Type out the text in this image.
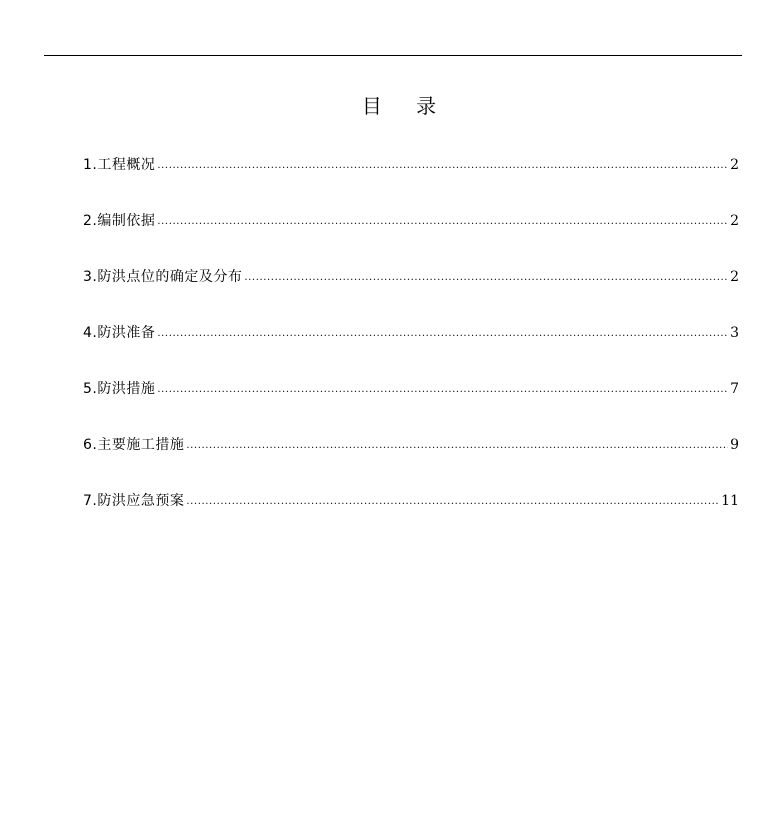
目 录
1.工程概况 .....	2
2.编制依据 .....	2
3.防洪点位的确定及分布 .....	2
4.防洪准备 .....	3
5.防洪措施 .....	7
6.主要施工措施 .....	9
7.防洪应急预案 .....	11
